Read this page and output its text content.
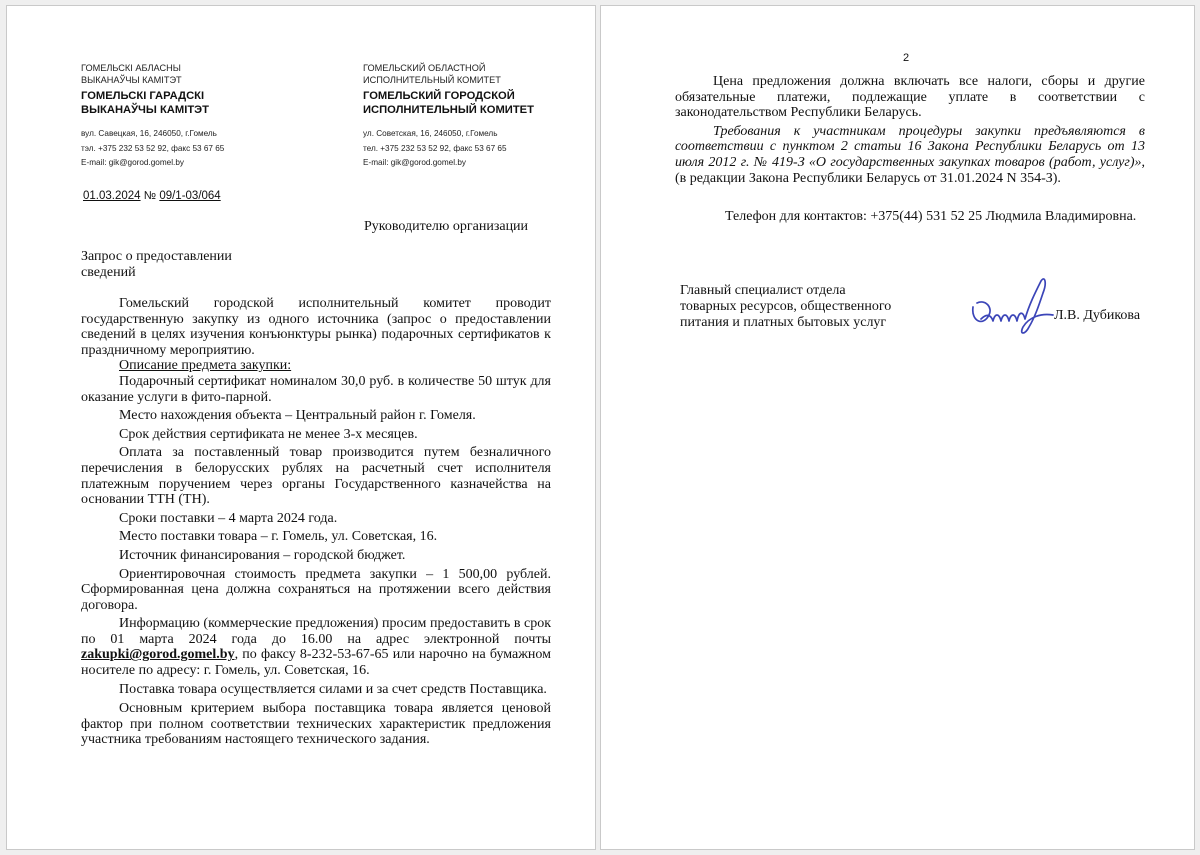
ГОМЕЛЬСКІ АБЛАСНЫ
ВЫКАНАЎЧЫ КАМІТЭТ
ГОМЕЛЬСКІ ГАРАДСКІ
ВЫКАНАЎЧЫ КАМІТЭТ
вул. Савецкая, 16, 246050, г.Гомель
тэл. +375 232 53 52 92, факс 53 67 65
E-mail: gik@gorod.gomel.by
ГОМЕЛЬСКИЙ ОБЛАСТНОЙ
ИСПОЛНИТЕЛЬНЫЙ КОМИТЕТ
ГОМЕЛЬСКИЙ ГОРОДСКОЙ
ИСПОЛНИТЕЛЬНЫЙ КОМИТЕТ
ул. Советская, 16, 246050, г.Гомель
тел. +375 232 53 52 92, факс 53 67 65
E-mail: gik@gorod.gomel.by
01.03.2024 № 09/1-03/064
Руководителю организации
Запрос о предоставлении
сведений

Гомельский городской исполнительный комитет проводит государственную закупку из одного источника (запрос о предоставлении сведений в целях изучения конъюнктуры рынка) подарочных сертификатов к праздничному мероприятию.

Описание предмета закупки:

Подарочный сертификат номиналом 30,0 руб. в количестве 50 штук для оказание услуги в фито-парной.

Место нахождения объекта – Центральный район г. Гомеля.

Срок действия сертификата не менее 3-х месяцев.

Оплата за поставленный товар производится путем безналичного перечисления в белорусских рублях на расчетный счет исполнителя платежным поручением через органы Государственного казначейства на основании ТТН (ТН).

Сроки поставки – 4 марта 2024 года.

Место поставки товара – г. Гомель, ул. Советская, 16.

Источник финансирования – городской бюджет.

Ориентировочная стоимость предмета закупки – 1 500,00 рублей. Сформированная цена должна сохраняться на протяжении всего действия договора.

Информацию (коммерческие предложения) просим предоставить в срок по 01 марта 2024 года до 16.00 на адрес электронной почты zakupki@gorod.gomel.by, по факсу 8-232-53-67-65 или нарочно на бумажном носителе по адресу: г. Гомель, ул. Советская, 16.

Поставка товара осуществляется силами и за счет средств Поставщика.

Основным критерием выбора поставщика товара является ценовой фактор при полном соответствии технических характеристик предложения участника требованиям настоящего технического задания.

2

Цена предложения должна включать все налоги, сборы и другие обязательные платежи, подлежащие уплате в соответствии с законодательством Республики Беларусь.

Требования к участникам процедуры закупки предъявляются в соответствии с пунктом 2 статьи 16 Закона Республики Беларусь от 13 июля 2012 г. № 419-З «О государственных закупках товаров (работ, услуг)», (в редакции Закона Республики Беларусь от 31.01.2024 N 354-З).

Телефон для контактов: +375(44) 531 52 25 Людмила Владимировна.

Главный специалист отдела
товарных ресурсов, общественного
питания и платных бытовых услуг	Л.В. Дубикова
